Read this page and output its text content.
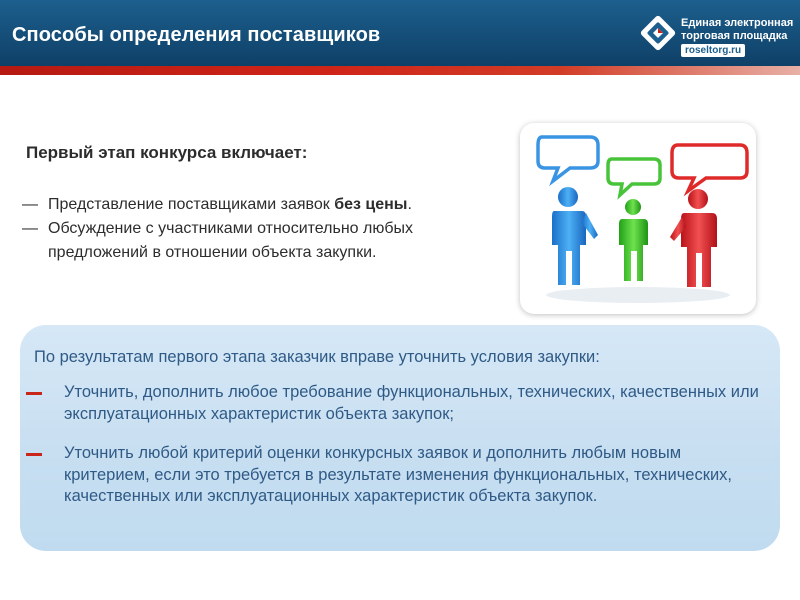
Способы определения поставщиков
Единая электронная
торговая площадка
roseltorg.ru
Первый этап конкурса включает:
— Представление поставщиками заявок без цены.
— Обсуждение с участниками относительно любых предложений в отношении объекта закупки.
По результатам первого этапа заказчик вправе уточнить условия закупки:
Уточнить, дополнить любое требование функциональных, технических, качественных или эксплуатационных характеристик объекта закупок;
Уточнить любой критерий оценки конкурсных заявок и дополнить любым новым критерием, если это требуется в результате изменения функциональных, технических, качественных или эксплуатационных характеристик объекта закупок.
